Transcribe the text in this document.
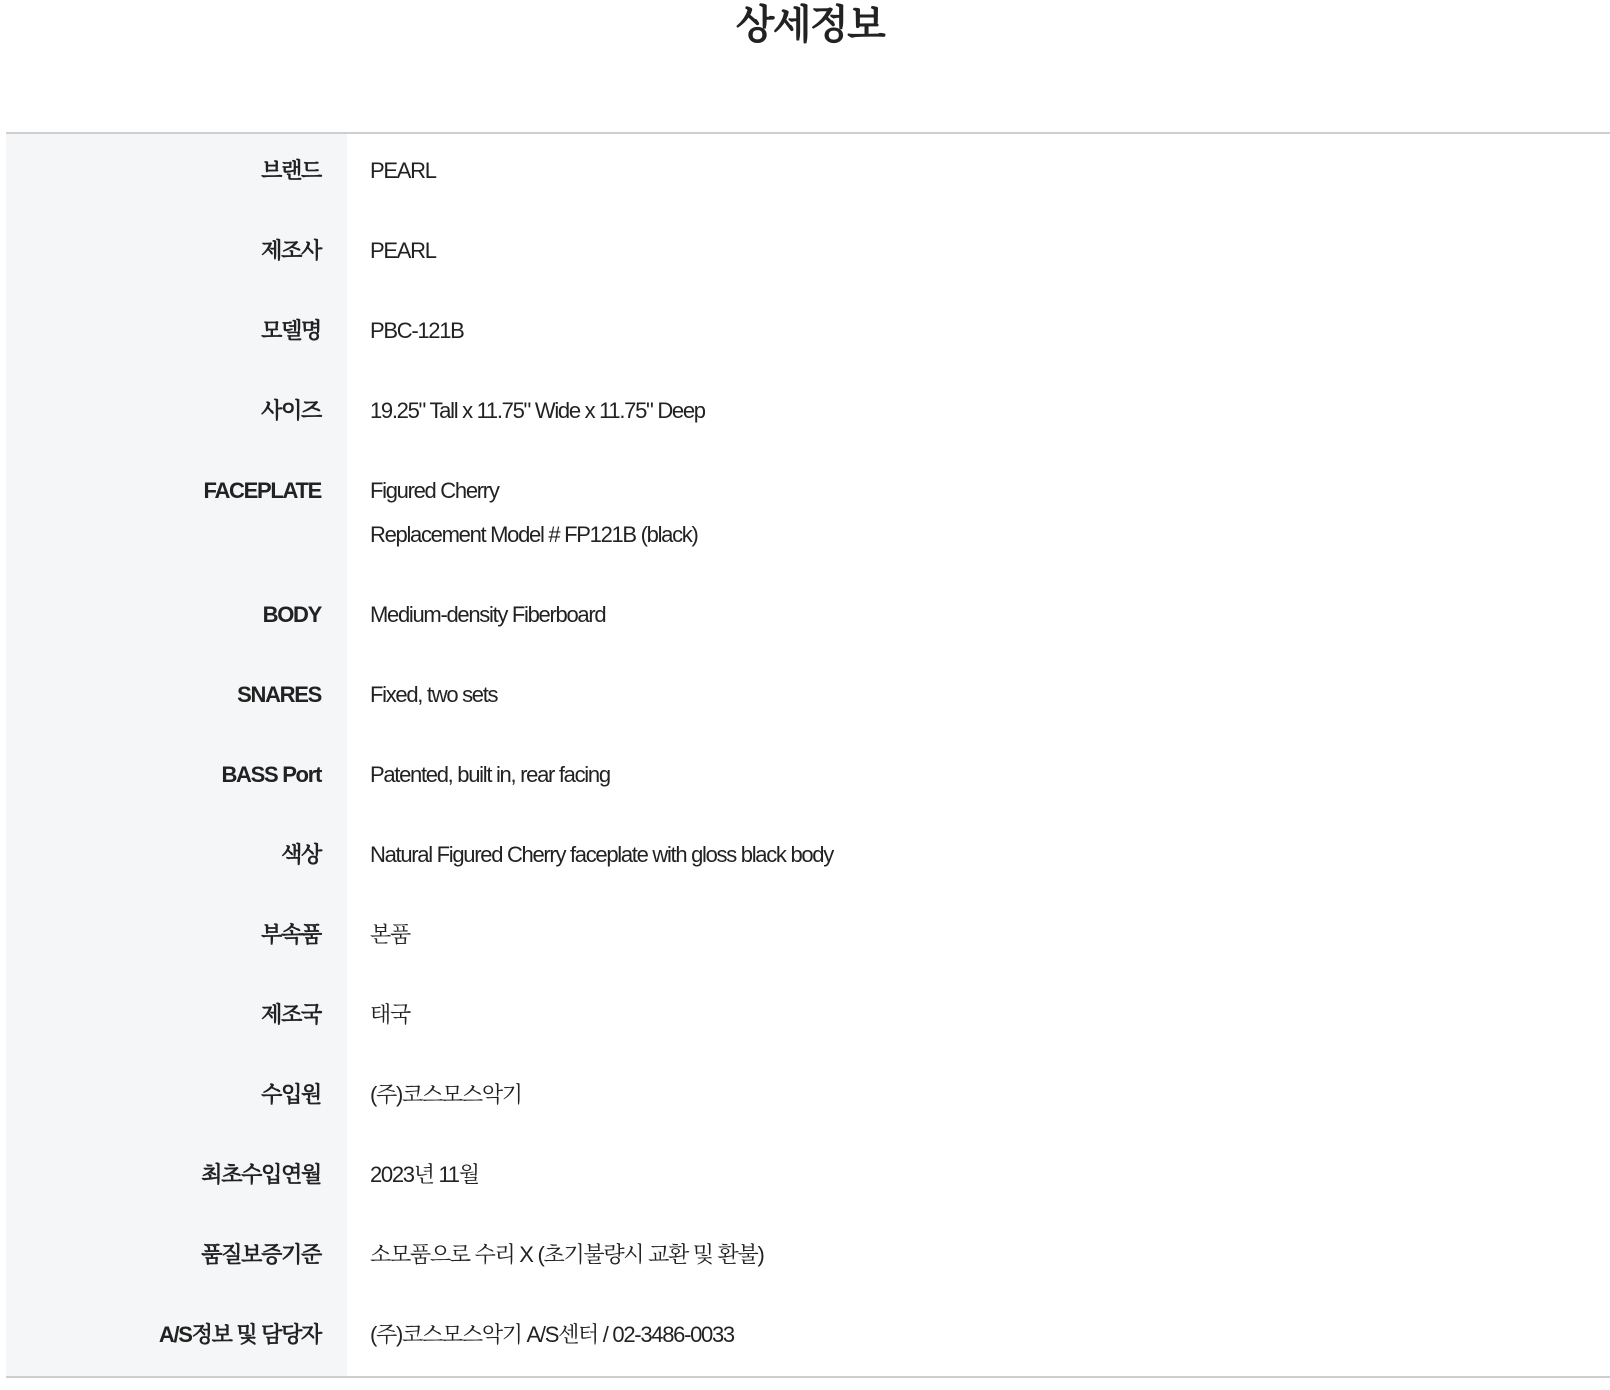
상세정보
브랜드	PEARL
제조사	PEARL
모델명	PBC-121B
사이즈	19.25" Tall x 11.75" Wide x 11.75" Deep
FACEPLATE	Figured Cherry
Replacement Model # FP121B (black)

BODY	Medium-density Fiberboard
SNARES	Fixed, two sets
BASS Port	Patented, built in, rear facing
색상	Natural Figured Cherry faceplate with gloss black body
부속품	본품
제조국	태국
수입원	(주)코스모스악기
최초수입연월	2023년 11월
품질보증기준	소모품으로 수리 X (초기불량시 교환 및 환불)
A/S정보 및 담당자	(주)코스모스악기 A/S센터 / 02-3486-0033
